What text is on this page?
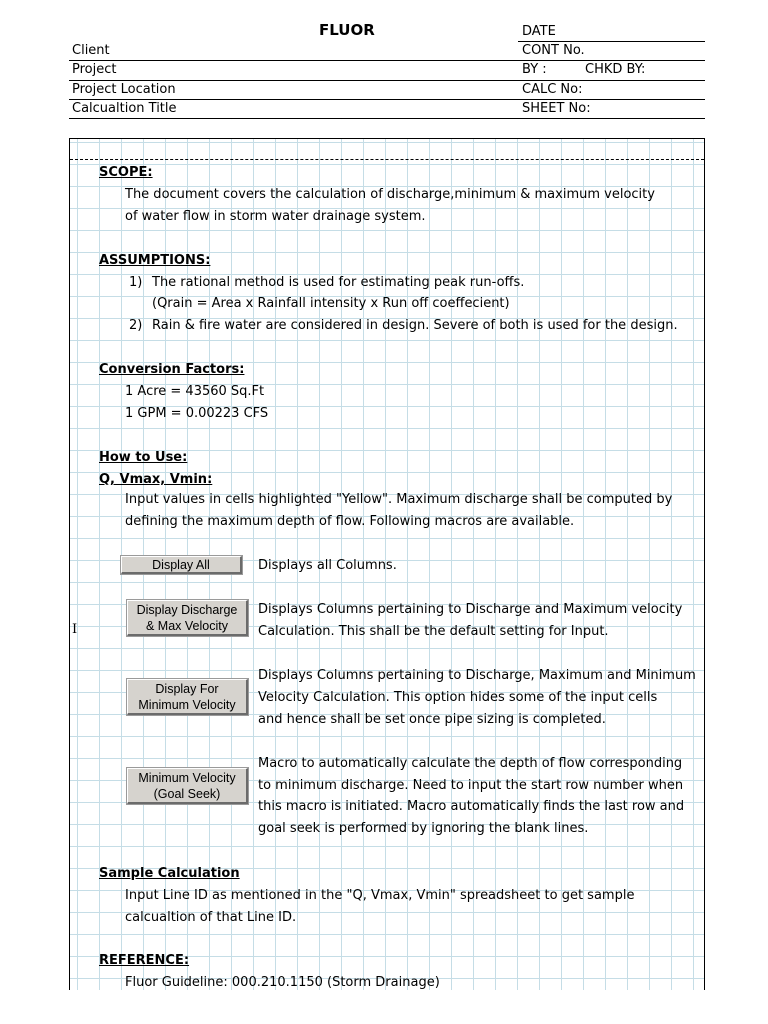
FLUOR	DATE
Client	CONT No.
Project	BY :	CHKD BY:
Project Location	CALC No:
Calcualtion Title	SHEET No:
SCOPE:
The document covers the calculation of discharge,minimum & maximum velocity
of water flow in storm water drainage system.
ASSUMPTIONS:
1) The rational method is used for estimating peak run-offs.
(Qrain = Area x Rainfall intensity x Run off coeffecient)
2) Rain & fire water are considered in design. Severe of both is used for the design.
Conversion Factors:
1 Acre = 43560 Sq.Ft
1 GPM = 0.00223 CFS
How to Use:
Q, Vmax, Vmin:
Input values in cells highlighted "Yellow". Maximum discharge shall be computed by
defining the maximum depth of flow. Following macros are available.
Display All	Displays all Columns.
Display Discharge
& Max Velocity
Displays Columns pertaining to Discharge and Maximum velocity
Calculation. This shall be the default setting for Input.
Display For
Minimum Velocity
Displays Columns pertaining to Discharge, Maximum and Minimum
Velocity Calculation. This option hides some of the input cells
and hence shall be set once pipe sizing is completed.
Minimum Velocity
(Goal Seek)
Macro to automatically calculate the depth of flow corresponding
to minimum discharge. Need to input the start row number when
this macro is initiated. Macro automatically finds the last row and
goal seek is performed by ignoring the blank lines.
Sample Calculation
Input Line ID as mentioned in the "Q, Vmax, Vmin" spreadsheet to get sample
calcualtion of that Line ID.
REFERENCE:
Fluor Guideline: 000.210.1150 (Storm Drainage)
I
